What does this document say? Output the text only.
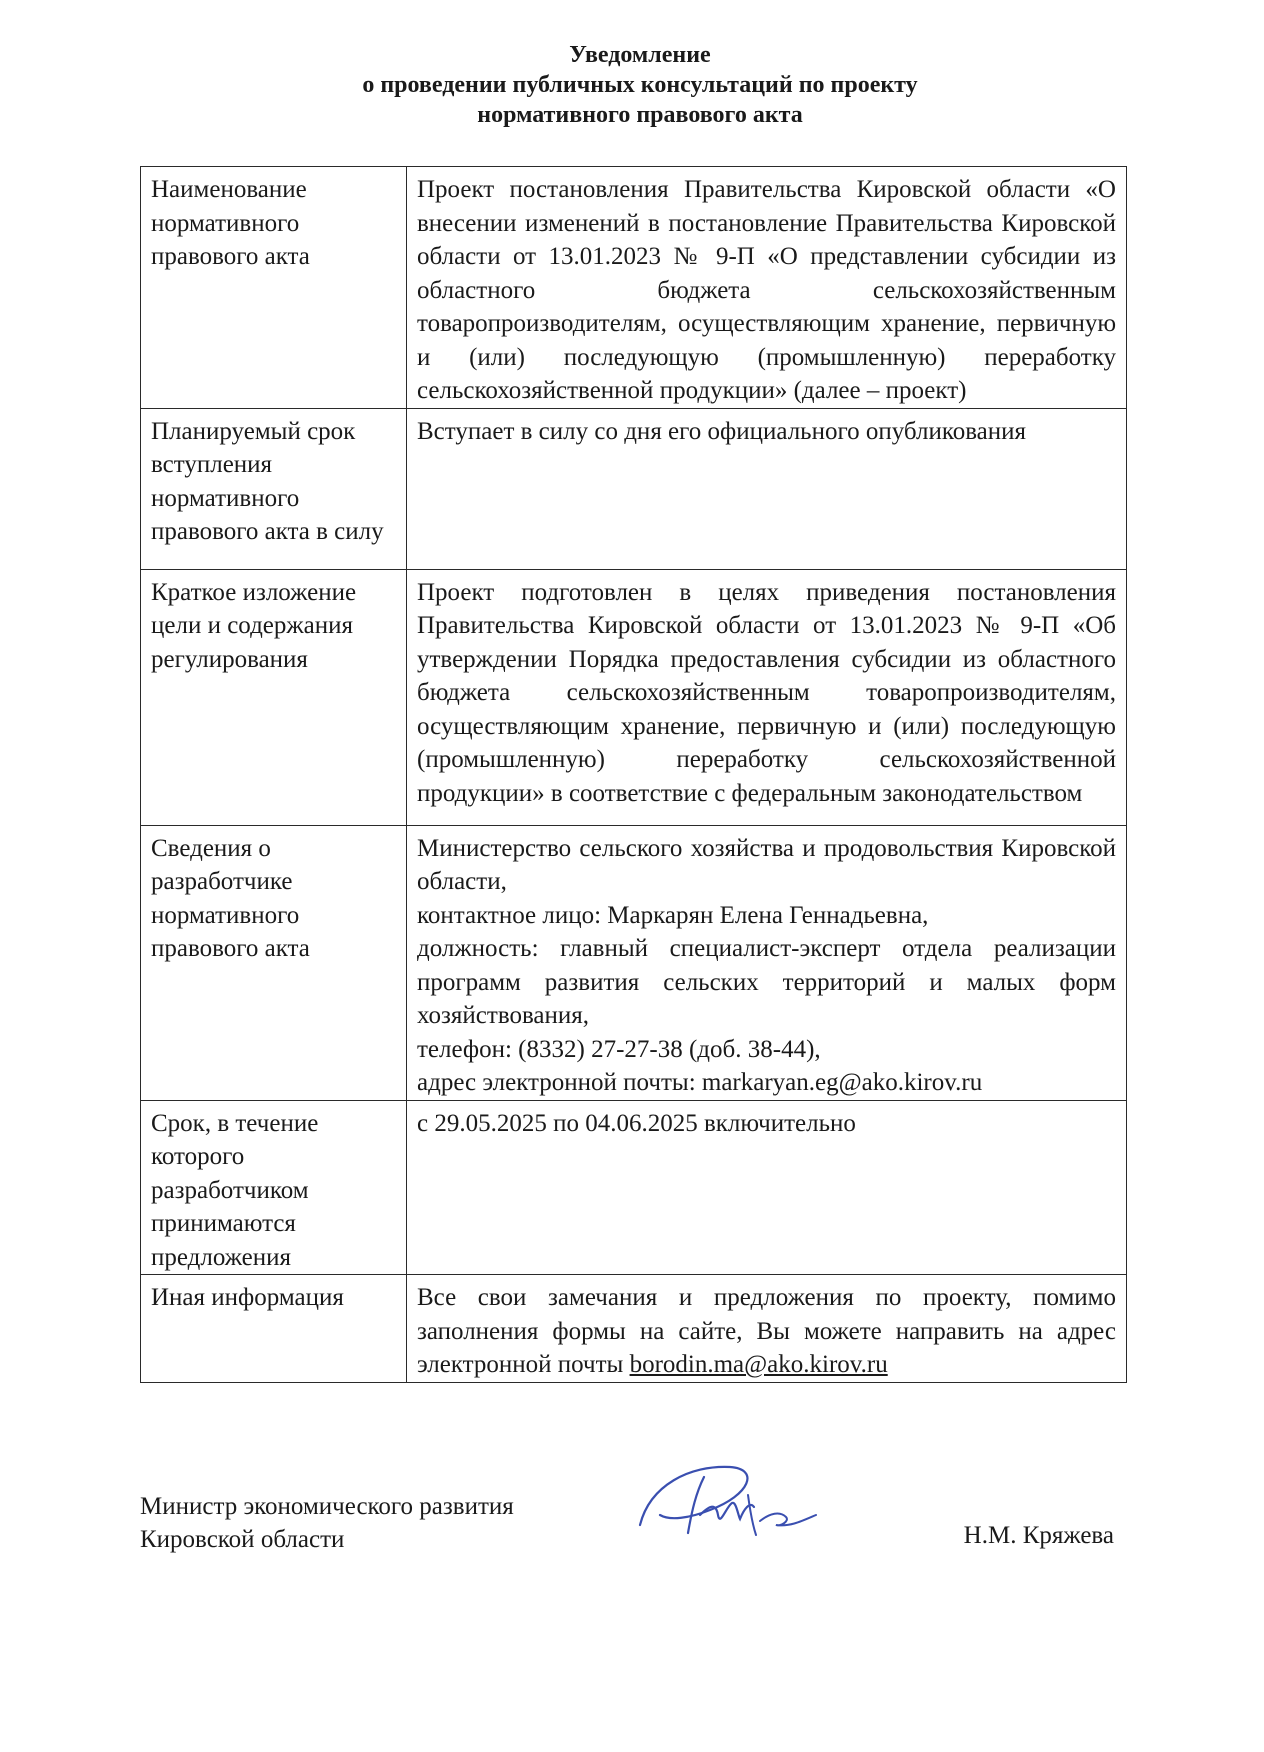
Уведомление
о проведении публичных консультаций по проекту
нормативного правового акта
Наименование нормативного правового акта	Проект постановления Правительства Кировской области «О внесении изменений в постановление Правительства Кировской области от 13.01.2023 № 9-П «О представлении субсидии из областного бюджета сельскохозяйственным товаропроизводителям, осуществляющим хранение, первичную и (или) последующую (промышленную) переработку сельскохозяйственной продукции» (далее – проект)

Планируемый срок вступления нормативного правового акта в силу	Вступает в силу со дня его официального опубликования

Краткое изложение цели и содержания регулирования	Проект подготовлен в целях приведения постановления Правительства Кировской области от 13.01.2023 № 9-П «Об утверждении Порядка предоставления субсидии из областного бюджета сельскохозяйственным товаропроизводителям, осуществляющим хранение, первичную и (или) последующую (промышленную) переработку сельскохозяйственной продукции» в соответствие с федеральным законодательством

Сведения о разработчике нормативного правового акта	Министерство сельского хозяйства и продовольствия Кировской области,
контактное лицо: Маркарян Елена Геннадьевна,
должность: главный специалист-эксперт отдела реализации программ развития сельских территорий и малых форм хозяйствования,
телефон: (8332) 27-27-38 (доб. 38-44),
адрес электронной почты: markaryan.eg@ako.kirov.ru

Срок, в течение которого разработчиком принимаются предложения	с 29.05.2025 по 04.06.2025 включительно

Иная информация	Все свои замечания и предложения по проекту, помимо заполнения формы на сайте, Вы можете направить на адрес электронной почты borodin.ma@ako.kirov.ru
Министр экономического развития
Кировской области	Н.М. Кряжева
